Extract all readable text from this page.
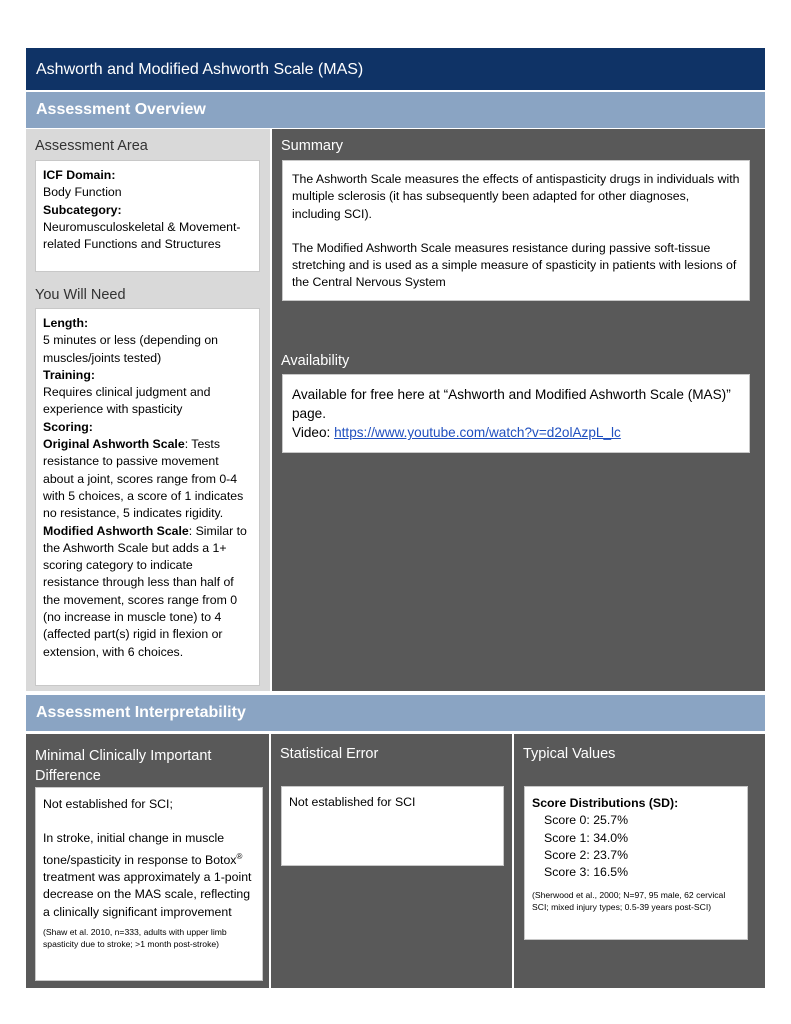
Ashworth and Modified Ashworth Scale (MAS)
Assessment Overview
Assessment Area
ICF Domain:
Body Function
Subcategory:
Neuromusculoskeletal & Movement-related Functions and Structures
You Will Need
Length:
5 minutes or less (depending on muscles/joints tested)
Training:
Requires clinical judgment and experience with spasticity
Scoring:
Original Ashworth Scale: Tests resistance to passive movement about a joint, scores range from 0-4 with 5 choices, a score of 1 indicates no resistance, 5 indicates rigidity.
Modified Ashworth Scale: Similar to the Ashworth Scale but adds a 1+ scoring category to indicate resistance through less than half of the movement, scores range from 0 (no increase in muscle tone) to 4 (affected part(s) rigid in flexion or extension, with 6 choices.
Summary
The Ashworth Scale measures the effects of antispasticity drugs in individuals with multiple sclerosis (it has subsequently been adapted for other diagnoses, including SCI).
The Modified Ashworth Scale measures resistance during passive soft-tissue stretching and is used as a simple measure of spasticity in patients with lesions of the Central Nervous System
Availability
Available for free here at “Ashworth and Modified Ashworth Scale (MAS)” page.
Video: https://www.youtube.com/watch?v=d2olAzpL_lc
Assessment Interpretability
Minimal Clinically Important Difference
Not established for SCI;
In stroke, initial change in muscle tone/spasticity in response to Botox® treatment was approximately a 1-point decrease on the MAS scale, reflecting a clinically significant improvement
(Shaw et al. 2010, n=333, adults with upper limb spasticity due to stroke; >1 month post-stroke)
Statistical Error
Not established for SCI
Typical Values
Score Distributions (SD):
Score 0: 25.7%
Score 1: 34.0%
Score 2: 23.7%
Score 3: 16.5%
(Sherwood et al., 2000; N=97, 95 male, 62 cervical SCI; mixed injury types; 0.5-39 years post-SCI)
